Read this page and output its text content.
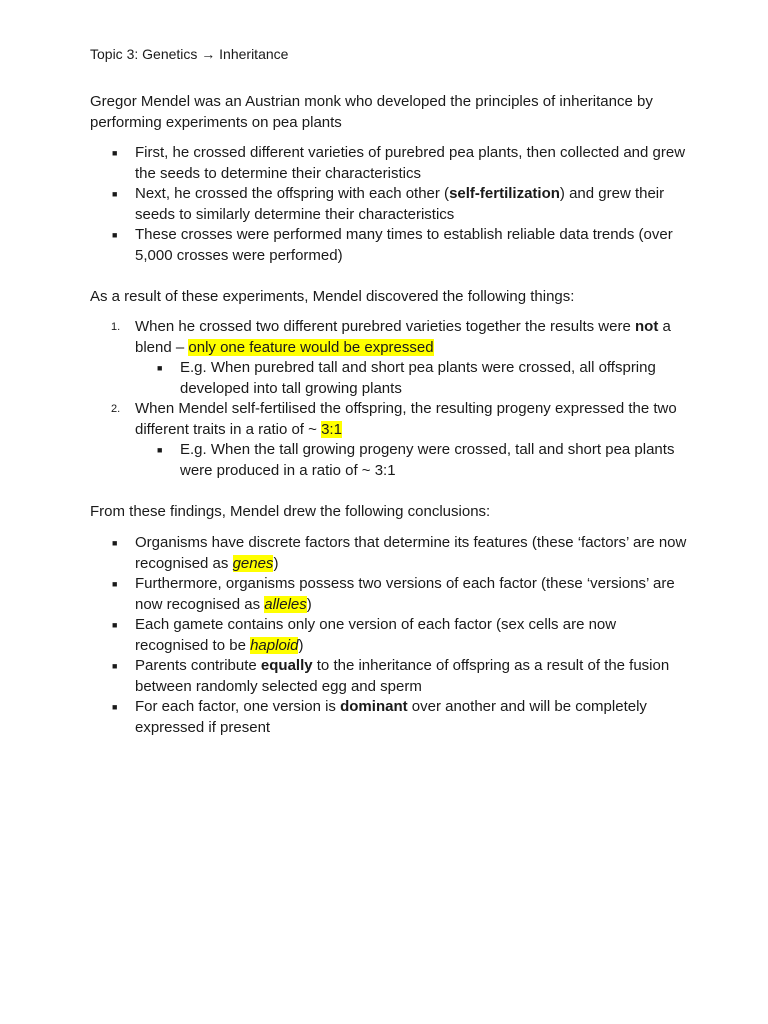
Topic 3: Genetics → Inheritance
Gregor Mendel was an Austrian monk who developed the principles of inheritance by performing experiments on pea plants
■ First, he crossed different varieties of purebred pea plants, then collected and grew the seeds to determine their characteristics
■ Next, he crossed the offspring with each other (self-fertilization) and grew their seeds to similarly determine their characteristics
■ These crosses were performed many times to establish reliable data trends (over 5,000 crosses were performed)
As a result of these experiments, Mendel discovered the following things:
1. When he crossed two different purebred varieties together the results were not a blend – only one feature would be expressed
■ E.g. When purebred tall and short pea plants were crossed, all offspring developed into tall growing plants
2. When Mendel self-fertilised the offspring, the resulting progeny expressed the two different traits in a ratio of ~ 3:1
■ E.g. When the tall growing progeny were crossed, tall and short pea plants were produced in a ratio of ~ 3:1
From these findings, Mendel drew the following conclusions:
■ Organisms have discrete factors that determine its features (these ‘factors’ are now recognised as genes)
■ Furthermore, organisms possess two versions of each factor (these ‘versions’ are now recognised as alleles)
■ Each gamete contains only one version of each factor (sex cells are now recognised to be haploid)
■ Parents contribute equally to the inheritance of offspring as a result of the fusion between randomly selected egg and sperm
■ For each factor, one version is dominant over another and will be completely expressed if present
